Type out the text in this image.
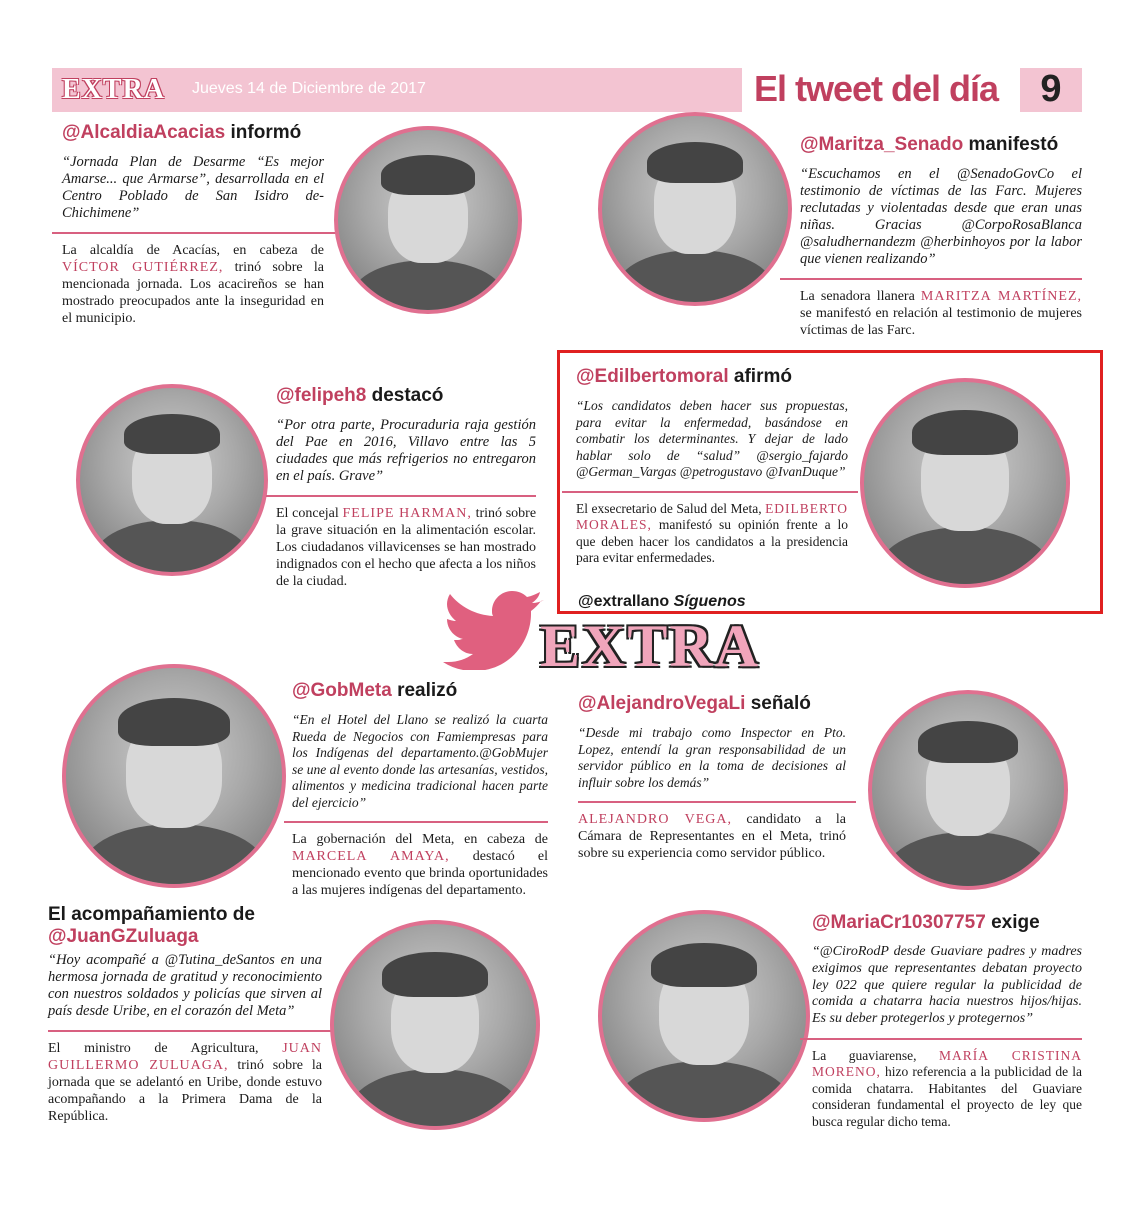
EXTRA Jueves 14 de Diciembre de 2017	El tweet del día	9
@AlcaldiaAcacias informó
“Jornada Plan de Desarme “Es mejor Amarse... que Armarse”, desarrollada en el Centro Poblado de San Isidro de-Chichimene”
La alcaldía de Acacías, en cabeza de VÍCTOR GUTIÉRREZ, trinó sobre la mencionada jornada. Los acacireños se han mostrado preocupados ante la inseguridad en el municipio.
@Maritza_Senado manifestó
“Escuchamos en el @SenadoGovCo el testimonio de víctimas de las Farc. Mujeres reclutadas y violentadas desde que eran unas niñas. Gracias @CorpoRosaBlanca @saludhernandezm @herbinhoyos por la labor que vienen realizando”
La senadora llanera MARITZA MARTÍNEZ, se manifestó en relación al testimonio de mujeres víctimas de las Farc.
@felipeh8 destacó
“Por otra parte, Procuraduria raja gestión del Pae en 2016, Villavo entre las 5 ciudades que más refrigerios no entregaron en el país. Grave”
El concejal FELIPE HARMAN, trinó sobre la grave situación en la alimentación escolar. Los ciudadanos villavicenses se han mostrado indignados con el hecho que afecta a los niños de la ciudad.
@Edilbertomoral afirmó
“Los candidatos deben hacer sus propuestas, para evitar la enfermedad, basándose en combatir los determinantes. Y dejar de lado hablar solo de “salud” @sergio_fajardo @German_Vargas @petrogustavo @IvanDuque”
El exsecretario de Salud del Meta, EDILBERTO MORALES, manifestó su opinión frente a lo que deben hacer los candidatos a la presidencia para evitar enfermedades.
@extrallano Síguenos
EXTRA
@GobMeta realizó
“En el Hotel del Llano se realizó la cuarta Rueda de Negocios con Famiempresas para los Indígenas del departamento.@GobMujer se une al evento donde las artesanías, vestidos, alimentos y medicina tradicional hacen parte del ejercicio”
La gobernación del Meta, en cabeza de MARCELA AMAYA, destacó el mencionado evento que brinda oportunidades a las mujeres indígenas del departamento.
@AlejandroVegaLi señaló
“Desde mi trabajo como Inspector en Pto. Lopez, entendí la gran responsabilidad de un servidor público en la toma de decisiones al influir sobre los demás”
ALEJANDRO VEGA, candidato a la Cámara de Representantes en el Meta, trinó sobre su experiencia como servidor público.
El acompañamiento de
@JuanGZuluaga
“Hoy acompañé a @Tutina_deSantos en una hermosa jornada de gratitud y reconocimiento con nuestros soldados y policías que sirven al país desde Uribe, en el corazón del Meta”
El ministro de Agricultura, JUAN GUILLERMO ZULUAGA, trinó sobre la jornada que se adelantó en Uribe, donde estuvo acompañando a la Primera Dama de la República.
@MariaCr10307757 exige
“@CiroRodP desde Guaviare padres y madres exigimos que representantes debatan proyecto ley 022 que quiere regular la publicidad de comida a chatarra hacia nuestros hijos/hijas. Es su deber protegerlos y protegernos”
La guaviarense, MARÍA CRISTINA MORENO, hizo referencia a la publicidad de la comida chatarra. Habitantes del Guaviare consideran fundamental el proyecto de ley que busca regular dicho tema.
